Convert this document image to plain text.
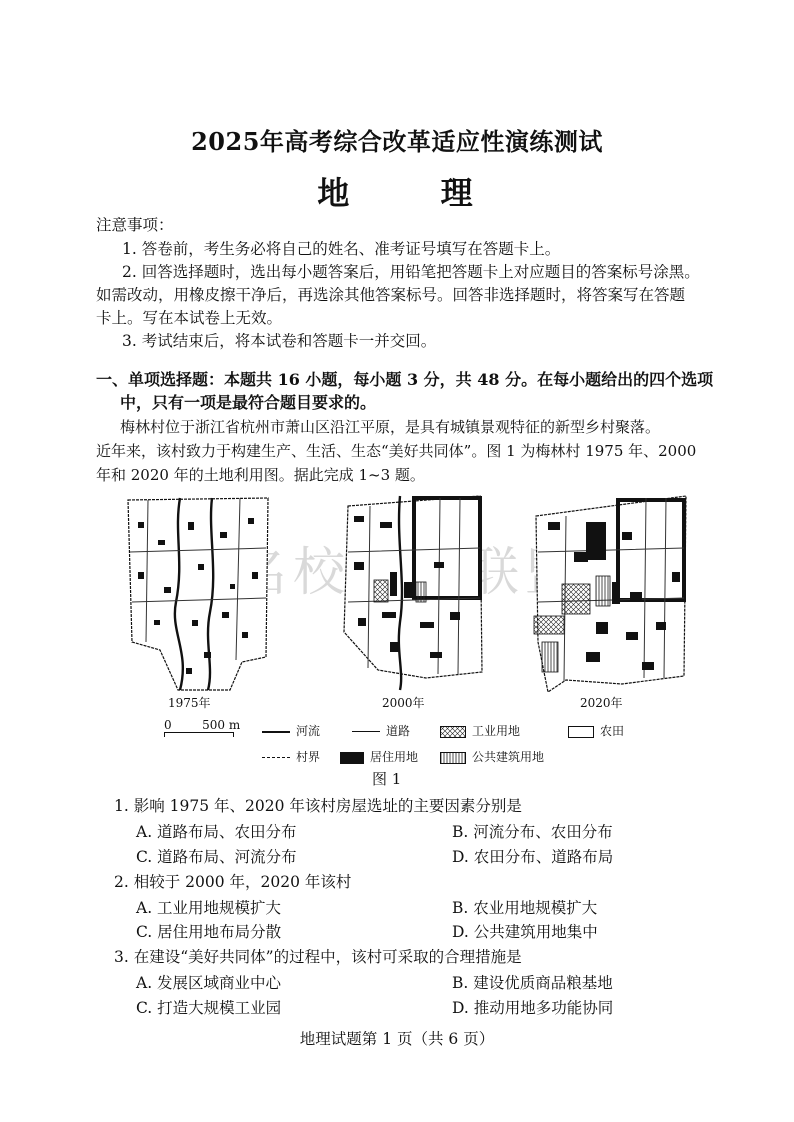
2025年高考综合改革适应性演练测试
地 理
注意事项：
1. 答卷前，考生务必将自己的姓名、准考证号填写在答题卡上。
2. 回答选择题时，选出每小题答案后，用铅笔把答题卡上对应题目的答案标号涂黑。
如需改动，用橡皮擦干净后，再选涂其他答案标号。回答非选择题时，将答案写在答题
卡上。写在本试卷上无效。
3. 考试结束后，将本试卷和答题卡一并交回。
一、单项选择题：本题共 16 小题，每小题 3 分，共 48 分。在每小题给出的四个选项
中，只有一项是最符合题目要求的。
梅林村位于浙江省杭州市萧山区沿江平原，是具有城镇景观特征的新型乡村聚落。
近年来，该村致力于构建生产、生活、生态“美好共同体”。图 1 为梅林村 1975 年、2000
年和 2020 年的土地利用图。据此完成 1~3 题。
1975年	2000年	2020年
0        500 m	河流	道路	工业用地	农田
村界	居住用地	公共建筑用地
图 1
1. 影响 1975 年、2020 年该村房屋选址的主要因素分别是
A. 道路布局、农田分布	B. 河流分布、农田分布
C. 道路布局、河流分布	D. 农田分布、道路布局
2. 相较于 2000 年，2020 年该村
A. 工业用地规模扩大	B. 农业用地规模扩大
C. 居住用地布局分散	D. 公共建筑用地集中
3. 在建设“美好共同体”的过程中，该村可采取的合理措施是
A. 发展区域商业中心	B. 建设优质商品粮基地
C. 打造大规模工业园	D. 推动用地多功能协同
地理试题第 1 页（共 6 页）
